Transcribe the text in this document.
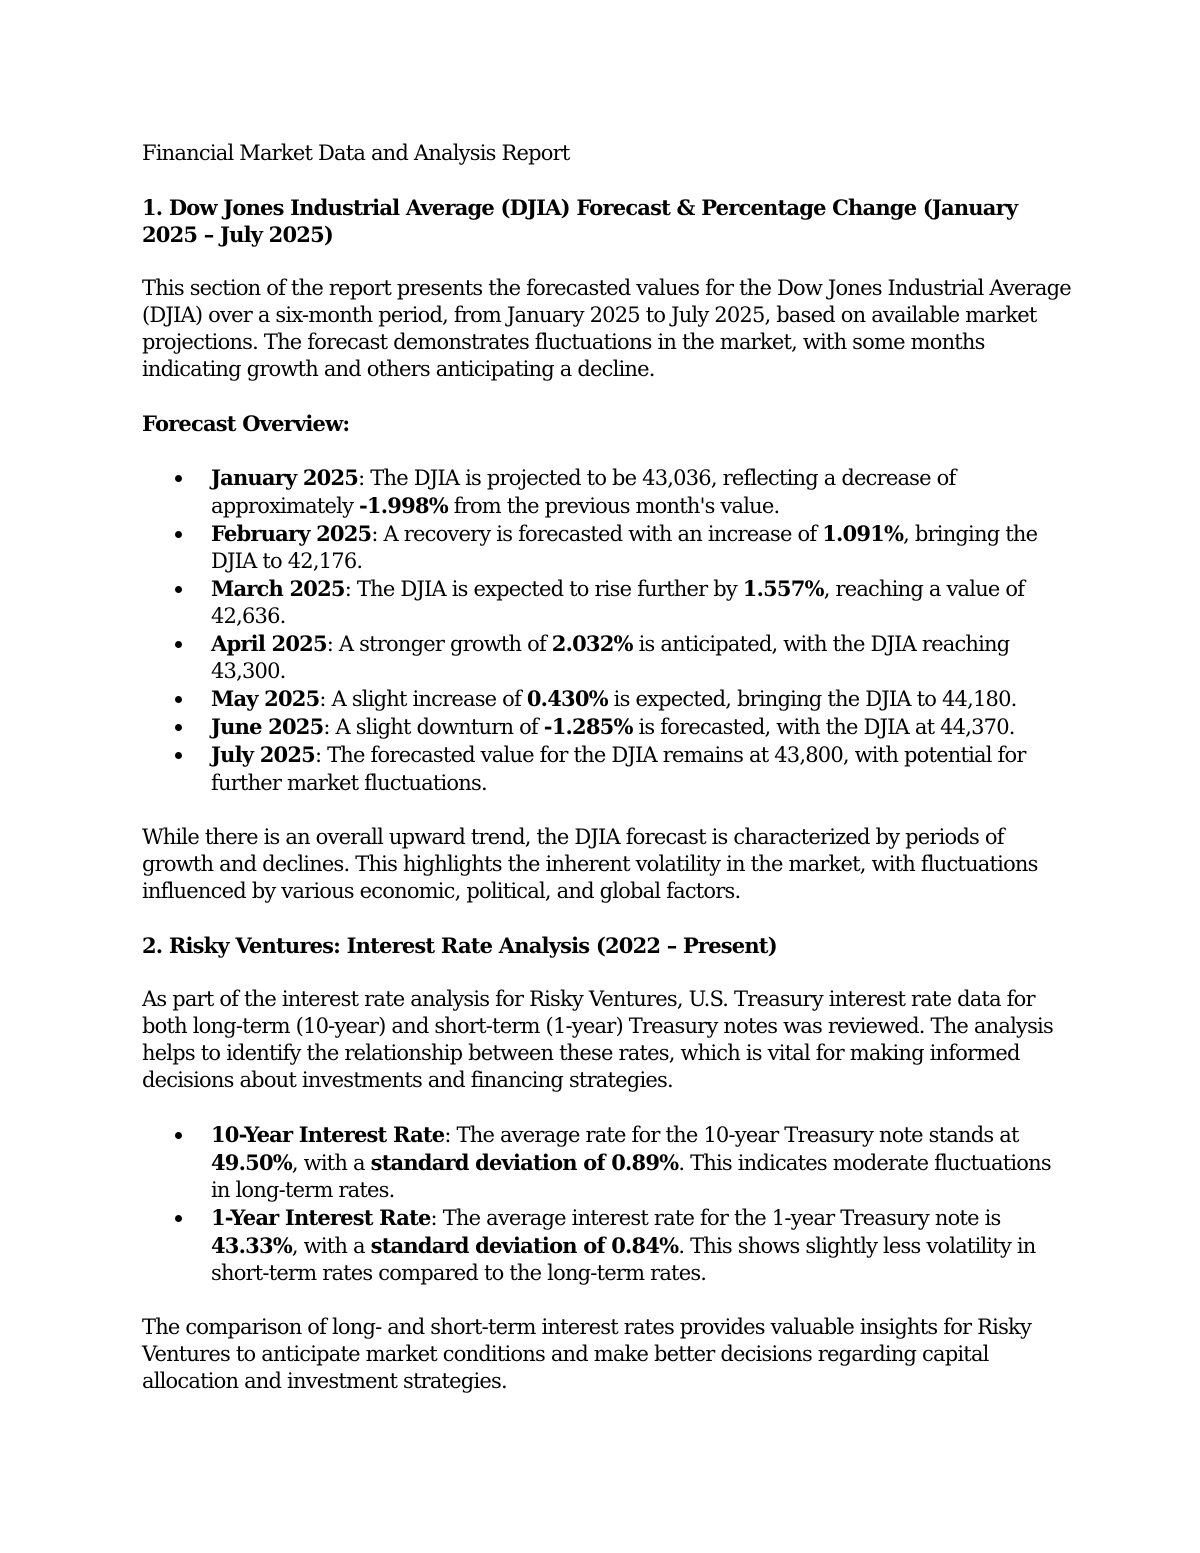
Financial Market Data and Analysis Report

1. Dow Jones Industrial Average (DJIA) Forecast & Percentage Change (January 2025 – July 2025)

This section of the report presents the forecasted values for the Dow Jones Industrial Average (DJIA) over a six-month period, from January 2025 to July 2025, based on available market projections. The forecast demonstrates fluctuations in the market, with some months indicating growth and others anticipating a decline.

Forecast Overview:

January 2025: The DJIA is projected to be 43,036, reflecting a decrease of approximately -1.998% from the previous month's value.
February 2025: A recovery is forecasted with an increase of 1.091%, bringing the DJIA to 42,176.
March 2025: The DJIA is expected to rise further by 1.557%, reaching a value of 42,636.
April 2025: A stronger growth of 2.032% is anticipated, with the DJIA reaching 43,300.
May 2025: A slight increase of 0.430% is expected, bringing the DJIA to 44,180.
June 2025: A slight downturn of -1.285% is forecasted, with the DJIA at 44,370.
July 2025: The forecasted value for the DJIA remains at 43,800, with potential for further market fluctuations.

While there is an overall upward trend, the DJIA forecast is characterized by periods of growth and declines. This highlights the inherent volatility in the market, with fluctuations influenced by various economic, political, and global factors.

2. Risky Ventures: Interest Rate Analysis (2022 – Present)

As part of the interest rate analysis for Risky Ventures, U.S. Treasury interest rate data for both long-term (10-year) and short-term (1-year) Treasury notes was reviewed. The analysis helps to identify the relationship between these rates, which is vital for making informed decisions about investments and financing strategies.

10-Year Interest Rate: The average rate for the 10-year Treasury note stands at 49.50%, with a standard deviation of 0.89%. This indicates moderate fluctuations in long-term rates.
1-Year Interest Rate: The average interest rate for the 1-year Treasury note is 43.33%, with a standard deviation of 0.84%. This shows slightly less volatility in short-term rates compared to the long-term rates.

The comparison of long- and short-term interest rates provides valuable insights for Risky Ventures to anticipate market conditions and make better decisions regarding capital allocation and investment strategies.
